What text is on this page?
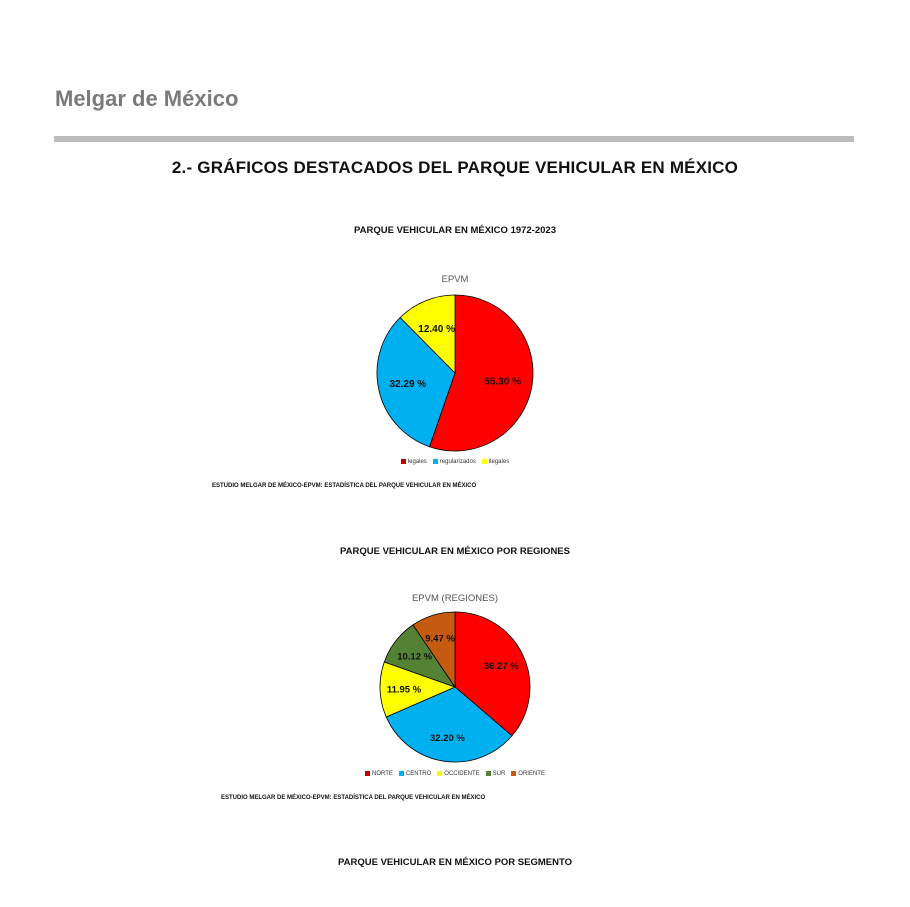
Melgar de México
2.- GRÁFICOS DESTACADOS DEL PARQUE VEHICULAR EN MÉXICO
PARQUE VEHICULAR EN MÉXICO 1972-2023
EPVM
55.30 %
32.29 %
12.40 %
legales regularizados ilegales
ESTUDIO MELGAR DE MÉXICO-EPVM: ESTADÍSTICA DEL PARQUE VEHICULAR EN MÉXICO
PARQUE VEHICULAR EN MÉXICO POR REGIONES
EPVM (REGIONES)
36.27 %
32.20 %
11.95 %
10.12 %
9.47 %
NORTE CENTRO OCCIDENTE SUR ORIENTE
ESTUDIO MELGAR DE MÉXICO-EPVM: ESTADÍSTICA DEL PARQUE VEHICULAR EN MÉXICO
PARQUE VEHICULAR EN MÉXICO POR SEGMENTO
